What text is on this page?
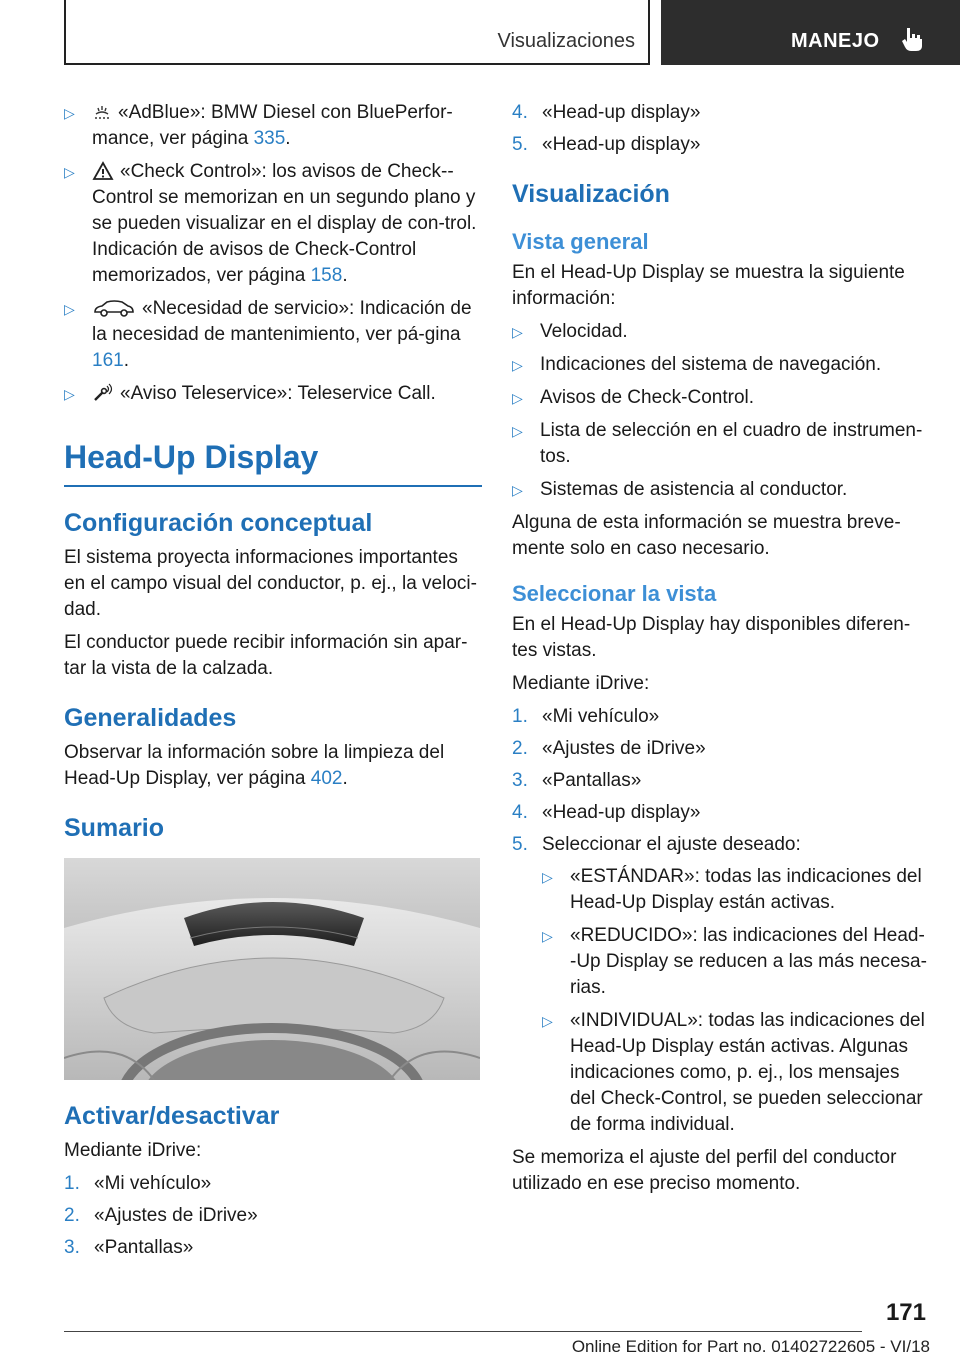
Visualizaciones	MANEJO
▷ «AdBlue»: BMW Diesel con BluePerfor-mance, ver página 335.
▷ «Check Control»: los avisos de Check--Control se memorizan en un segundo plano y se pueden visualizar en el display de con-trol. Indicación de avisos de Check-Control memorizados, ver página 158.
▷	«Necesidad de servicio»: Indicación de la necesidad de mantenimiento, ver pá-gina 161.
▷ «Aviso Teleservice»: Teleservice Call.
Head-Up Display
Configuración conceptual

El sistema proyecta informaciones importantes en el campo visual del conductor, p. ej., la veloci-dad.

El conductor puede recibir información sin apar-tar la vista de la calzada.

Generalidades

Observar la información sobre la limpieza del Head-Up Display, ver página 402.

Sumario
Activar/desactivar

Mediante iDrive:

1. «Mi vehículo»
2. «Ajustes de iDrive»
3. «Pantallas»
4. «Head-up display»
5. «Head-up display»
Visualización
Vista general

En el Head-Up Display se muestra la siguiente información:

▷ Velocidad.
▷ Indicaciones del sistema de navegación.
▷ Avisos de Check-Control.
▷ Lista de selección en el cuadro de instrumen-tos.
▷ Sistemas de asistencia al conductor.

Alguna de esta información se muestra breve-mente solo en caso necesario.

Seleccionar la vista

En el Head-Up Display hay disponibles diferen-tes vistas.

Mediante iDrive:

1. «Mi vehículo»
2. «Ajustes de iDrive»
3. «Pantallas»
4. «Head-up display»
5. Seleccionar el ajuste deseado:
▷ «ESTÁNDAR»: todas las indicaciones del Head-Up Display están activas.
▷ «REDUCIDO»: las indicaciones del Head--Up Display se reducen a las más necesa-rias.
▷ «INDIVIDUAL»: todas las indicaciones del Head-Up Display están activas. Algunas indicaciones como, p. ej., los mensajes del Check-Control, se pueden seleccionar de forma individual.

Se memoriza el ajuste del perfil del conductor utilizado en ese preciso momento.

171
Online Edition for Part no. 01402722605 - VI/18
